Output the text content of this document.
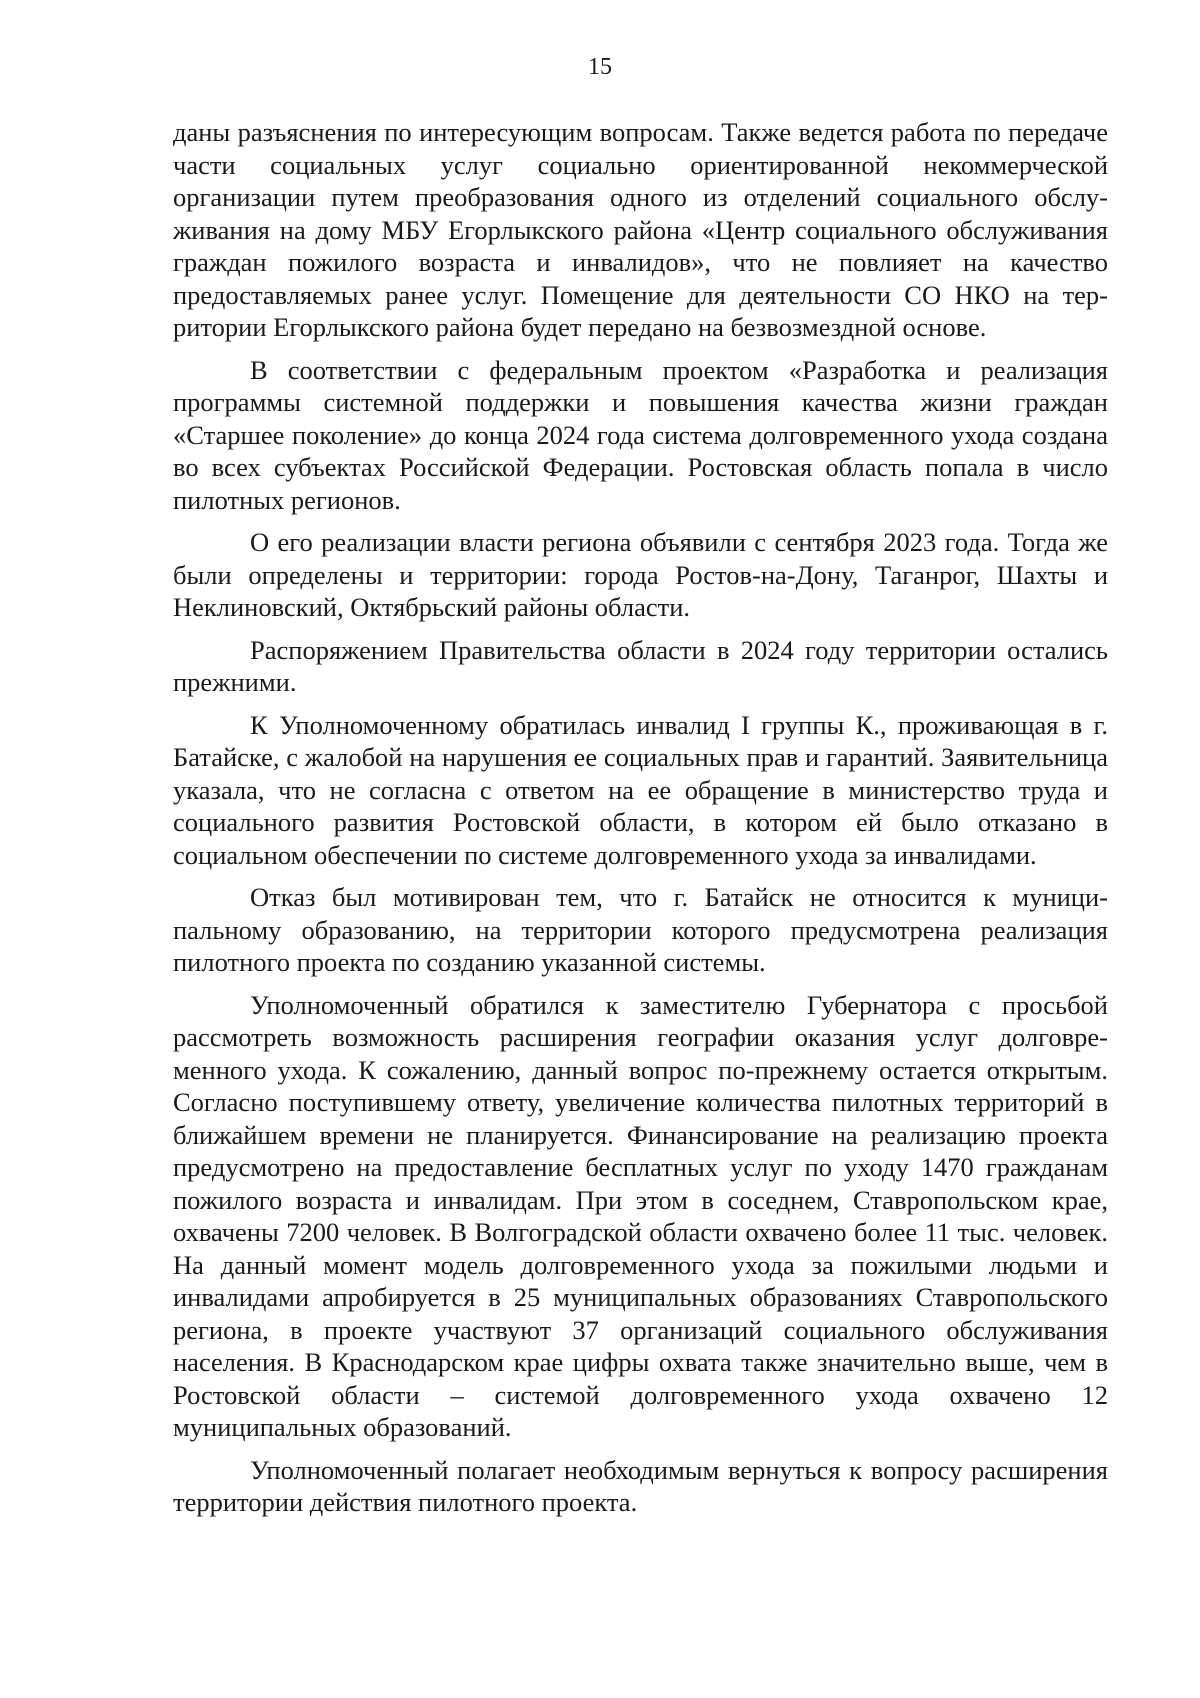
15

даны разъяснения по интересующим вопросам. Также ведется работа по передаче части социальных услуг социально ориентированной некоммерческой организации путем преобразования одного из отделений социального обслуживания на дому МБУ Егорлыкского района «Центр социального обслуживания граждан пожилого возраста и инвалидов», что не повлияет на качество предоставляемых ранее услуг. Помещение для деятельности СО НКО на территории Егорлыкского района будет передано на безвозмездной основе.

В соответствии с федеральным проектом «Разработка и реализация программы системной поддержки и повышения качества жизни граждан «Старшее поколение» до конца 2024 года система долговременного ухода создана во всех субъектах Российской Федерации. Ростовская область попала в число пилотных регионов.

О его реализации власти региона объявили с сентября 2023 года. Тогда же были определены и территории: города Ростов-на-Дону, Таганрог, Шахты и Неклиновский, Октябрьский районы области.

Распоряжением Правительства области в 2024 году территории остались прежними.

К Уполномоченному обратилась инвалид I группы К., проживающая в г. Батайске, с жалобой на нарушения ее социальных прав и гарантий. Заявительница указала, что не согласна с ответом на ее обращение в министерство труда и социального развития Ростовской области, в котором ей было отказано в социальном обеспечении по системе долговременного ухода за инвалидами.

Отказ был мотивирован тем, что г. Батайск не относится к муниципальному образованию, на территории которого предусмотрена реализация пилотного проекта по созданию указанной системы.

Уполномоченный обратился к заместителю Губернатора с просьбой рассмотреть возможность расширения географии оказания услуг долговременного ухода. К сожалению, данный вопрос по-прежнему остается открытым. Согласно поступившему ответу, увеличение количества пилотных территорий в ближайшем времени не планируется. Финансирование на реализацию проекта предусмотрено на предоставление бесплатных услуг по уходу 1470 гражданам пожилого возраста и инвалидам. При этом в соседнем, Ставропольском крае, охвачены 7200 человек. В Волгоградской области охвачено более 11 тыс. человек. На данный момент модель долговременного ухода за пожилыми людьми и инвалидами апробируется в 25 муниципальных образованиях Ставропольского региона, в проекте участвуют 37 организаций социального обслуживания населения. В Краснодарском крае цифры охвата также значительно выше, чем в Ростовской области – системой долговременного ухода охвачено 12 муниципальных образований.

Уполномоченный полагает необходимым вернуться к вопросу расширения территории действия пилотного проекта.
